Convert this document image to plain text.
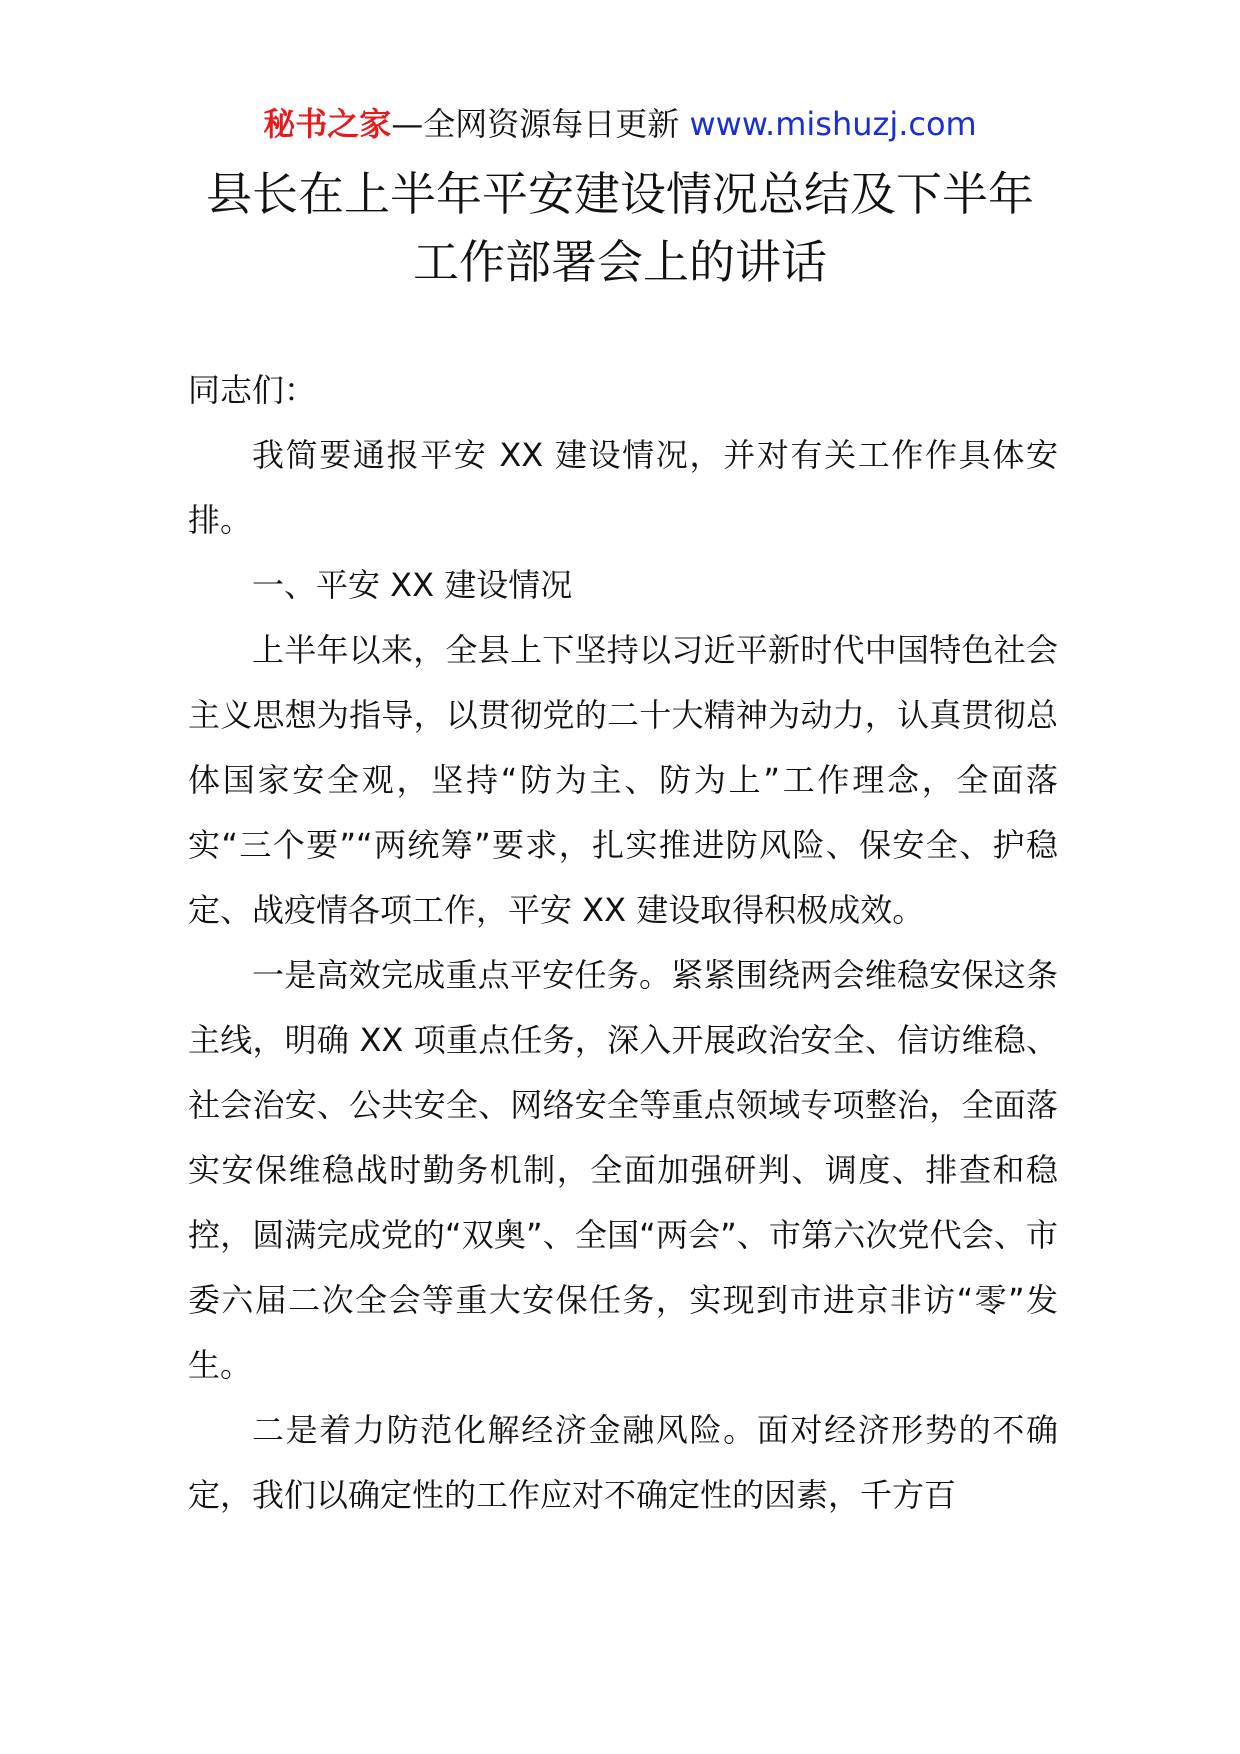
秘书之家—全网资源每日更新 www.mishuzj.com
县长在上半年平安建设情况总结及下半年
工作部署会上的讲话

同志们：

我简要通报平安 XX 建设情况，并对有关工作作具体安排。

一、平安 XX 建设情况

上半年以来，全县上下坚持以习近平新时代中国特色社会主义思想为指导，以贯彻党的二十大精神为动力，认真贯彻总体国家安全观，坚持“防为主、防为上”工作理念，全面落实“三个要”“两统筹”要求，扎实推进防风险、保安全、护稳定、战疫情各项工作，平安 XX 建设取得积极成效。

一是高效完成重点平安任务。紧紧围绕两会维稳安保这条主线，明确 XX 项重点任务，深入开展政治安全、信访维稳、社会治安、公共安全、网络安全等重点领域专项整治，全面落实安保维稳战时勤务机制，全面加强研判、调度、排查和稳控，圆满完成党的“双奥”、全国“两会”、市第六次党代会、市委六届二次全会等重大安保任务，实现到市进京非访“零”发生。

二是着力防范化解经济金融风险。面对经济形势的不确定，我们以确定性的工作应对不确定性的因素，千方百
